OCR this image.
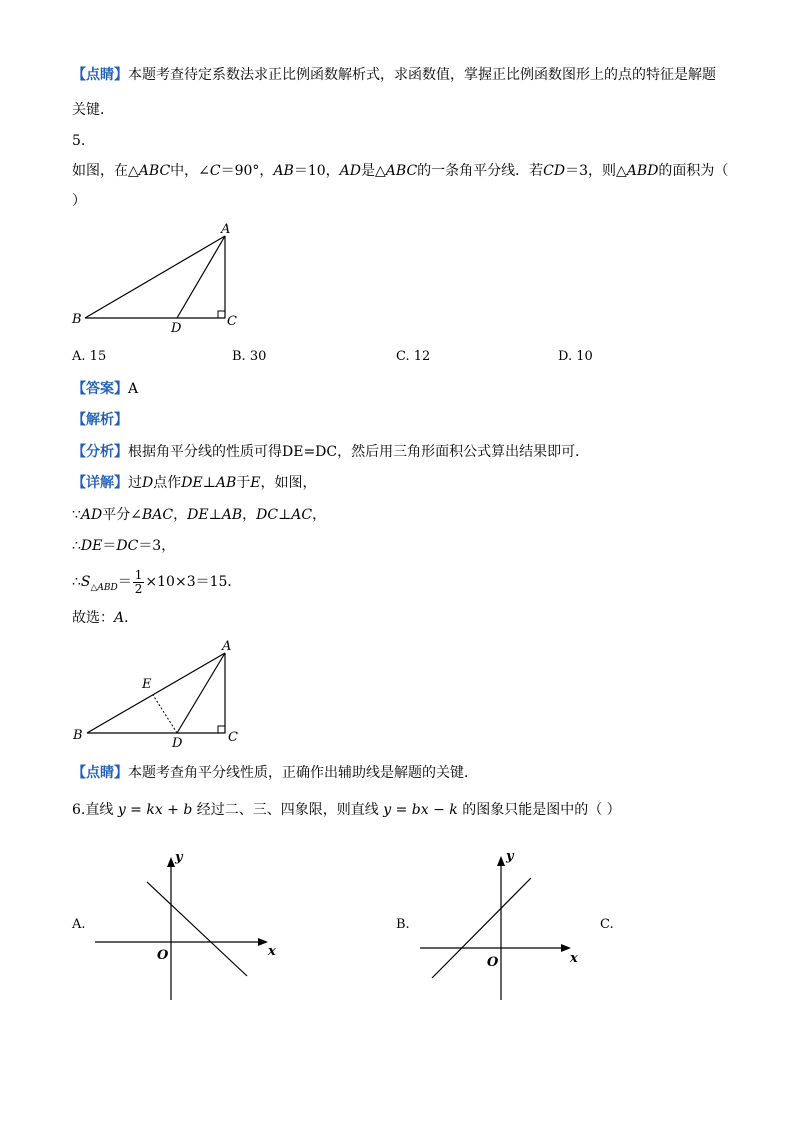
【点睛】本题考查待定系数法求正比例函数解析式，求函数值，掌握正比例函数图形上的点的特征是解题
关键．
5.
如图，在△ABC中，∠C＝90°，AB＝10，AD是△ABC的一条角平分线．若CD＝3，则△ABD的面积为（
）
A
B	C
D
A. 15	B. 30	C. 12	D. 10
【答案】A
【解析】
【分析】根据角平分线的性质可得DE=DC，然后用三角形面积公式算出结果即可．
【详解】过D点作DE⊥AB于E，如图，
∵AD平分∠BAC，DE⊥AB，DC⊥AC，
∴DE＝DC＝3，
$\therefore S_{\triangle ABD}= \frac{1}{2} \times 10\times 3=15$．
故选：A．
A
B	C
D
E
【点睛】本题考查角平分线性质，正确作出辅助线是解题的关键．
6.直线 y = kx + b 经过二、三、四象限，则直线 y = bx − k 的图象只能是图中的（ ）
A.
y
x
O
B.
y
x
O
C.
